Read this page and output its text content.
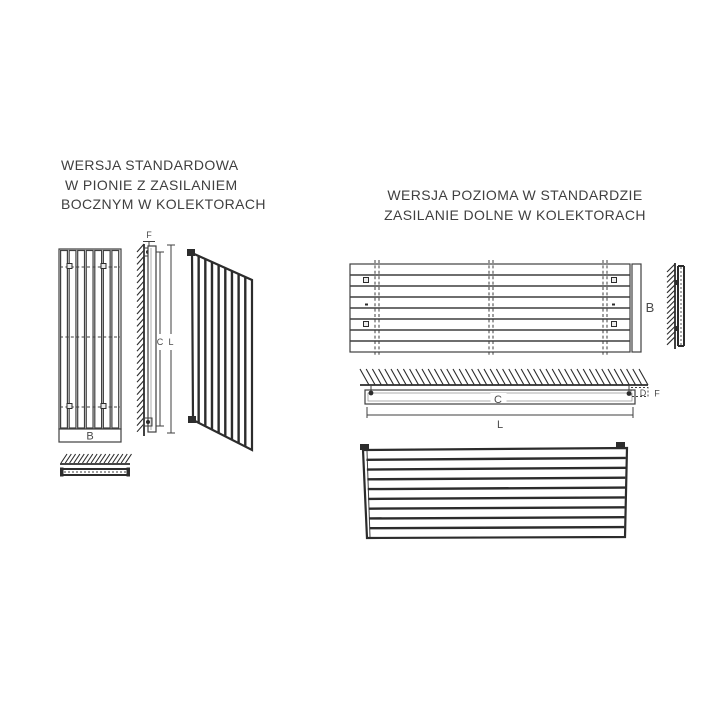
WERSJA STANDARDOWA
W PIONIE Z ZASILANIEM
BOCZNYM W KOLEKTORACH
WERSJA POZIOMA W STANDARDZIE
ZASILANIE DOLNE W KOLEKTORACH
B
F
C L
B
C
L
D F
